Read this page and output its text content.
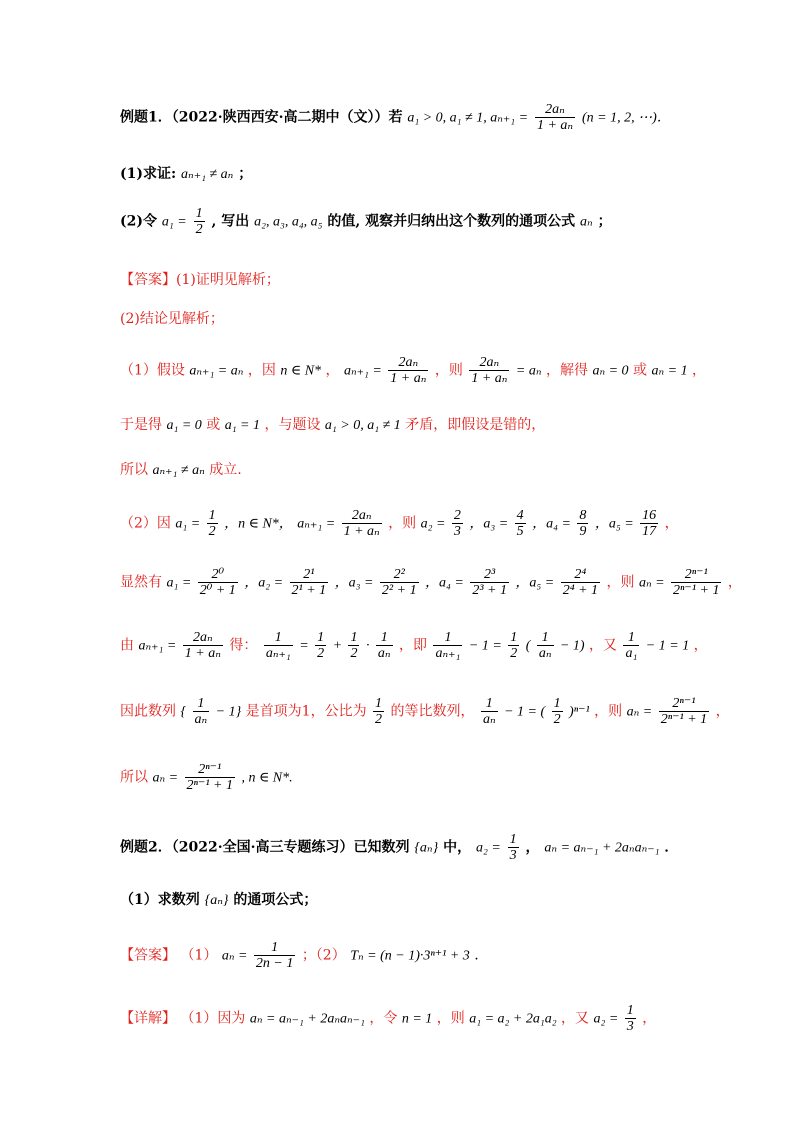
例题1．（2022·陕西西安·高二期中（文））若 a₁ > 0, a₁ ≠ 1, $a_{n+1} = \frac{\text{2aₙ}}{\text{1 + aₙ}} (n = 1$, 2, ⋯)．
(1)求证: aₙ₊₁ ≠ aₙ ；
(2)令 $a_1 = \frac{1}{2}$ , 写出 a₂, a₃, a₄, a₅ 的值, 观察并归纳出这个数列的通项公式 aₙ ；
【答案】(1)证明见解析；
(2)结论见解析；
（1）假设 aₙ₊₁ = aₙ ，因 n ∈ N* ， $a_{n+1} = \frac{\text{2aₙ}}{\text{1 + aₙ}}$ ，则 $\frac{\text{2aₙ}}{\text{1 + aₙ}} = a_n$ ，解得 aₙ = 0 或 aₙ = 1 ，
于是得 a₁ = 0 或 a₁ = 1 ，与题设 a₁ > 0, a₁ ≠ 1 矛盾，即假设是错的，
所以 aₙ₊₁ ≠ aₙ 成立.
（2）因 $a_1 = \frac{1}{2}$ ，n ∈ N*， $a_{n+1} = \frac{\text{2aₙ}}{\text{1 + aₙ}}$ ，则 $a_2 = \frac{2}{3}$ ，$a_3 = \frac{4}{5}$ ，$a_4 = \frac{8}{9}$ ，$a_5 = \frac{16}{17}$ ，
显然有 $a_1 = \frac{\text{2⁰}}{\text{2⁰ + 1}}$ ，$a_2 = \frac{\text{2¹}}{\text{2¹ + 1}}$ ，$a_3 = \frac{\text{2²}}{\text{2² + 1}}$ ，$a_4 = \frac{\text{2³}}{\text{2³ + 1}}$ ，$a_5 = \frac{\text{2⁴}}{\text{2⁴ + 1}}$ ，则 $a_n = \frac{\text{2ⁿ⁻¹}}{\text{2ⁿ⁻¹ + 1}}$ ，
由 $a_{n+1} = \frac{\text{2aₙ}}{\text{1 + aₙ}}$ 得： $\frac{1}{\text{aₙ₊₁}} = \frac{1}{2} + \frac{1}{2} \cdot \frac{1}{\text{aₙ}}$ ，即 $\frac{1}{\text{aₙ₊₁}} - 1 = \frac{1}{2}$ ( $\frac{1}{\text{aₙ}} - 1$) ，又 $\frac{1}{\text{a₁}} - 1 = 1$ ，
因此数列 { $\frac{1}{\text{aₙ}} - 1$} 是首项为1，公比为 $\frac{1}{2}$ 的等比数列， $\frac{1}{\text{aₙ}} - 1$ = ( $\frac{1}{2} )^{n-1}$ ，则 $a_n = \frac{\text{2ⁿ⁻¹}}{\text{2ⁿ⁻¹ + 1}}$ ，
所以 $a_n = \frac{\text{2ⁿ⁻¹}}{\text{2ⁿ⁻¹ + 1}}$ , n ∈ N*.
例题2．（2022·全国·高三专题练习）已知数列 {aₙ} 中， $a_2 = \frac{1}{3}$ ， aₙ = aₙ₋₁ + 2aₙaₙ₋₁ ．
（1）求数列 {aₙ} 的通项公式；
【答案】 （1） $a_n = \frac{1}{2n - 1}$ ；（2） Tₙ = (n − 1)·3ⁿ⁺¹ + 3 .
【详解】 （1）因为 aₙ = aₙ₋₁ + 2aₙaₙ₋₁ ，令 n = 1 ，则 a₁ = a₂ + 2a₁a₂ ，又 $a_2 = \frac{1}{3}$ ，
